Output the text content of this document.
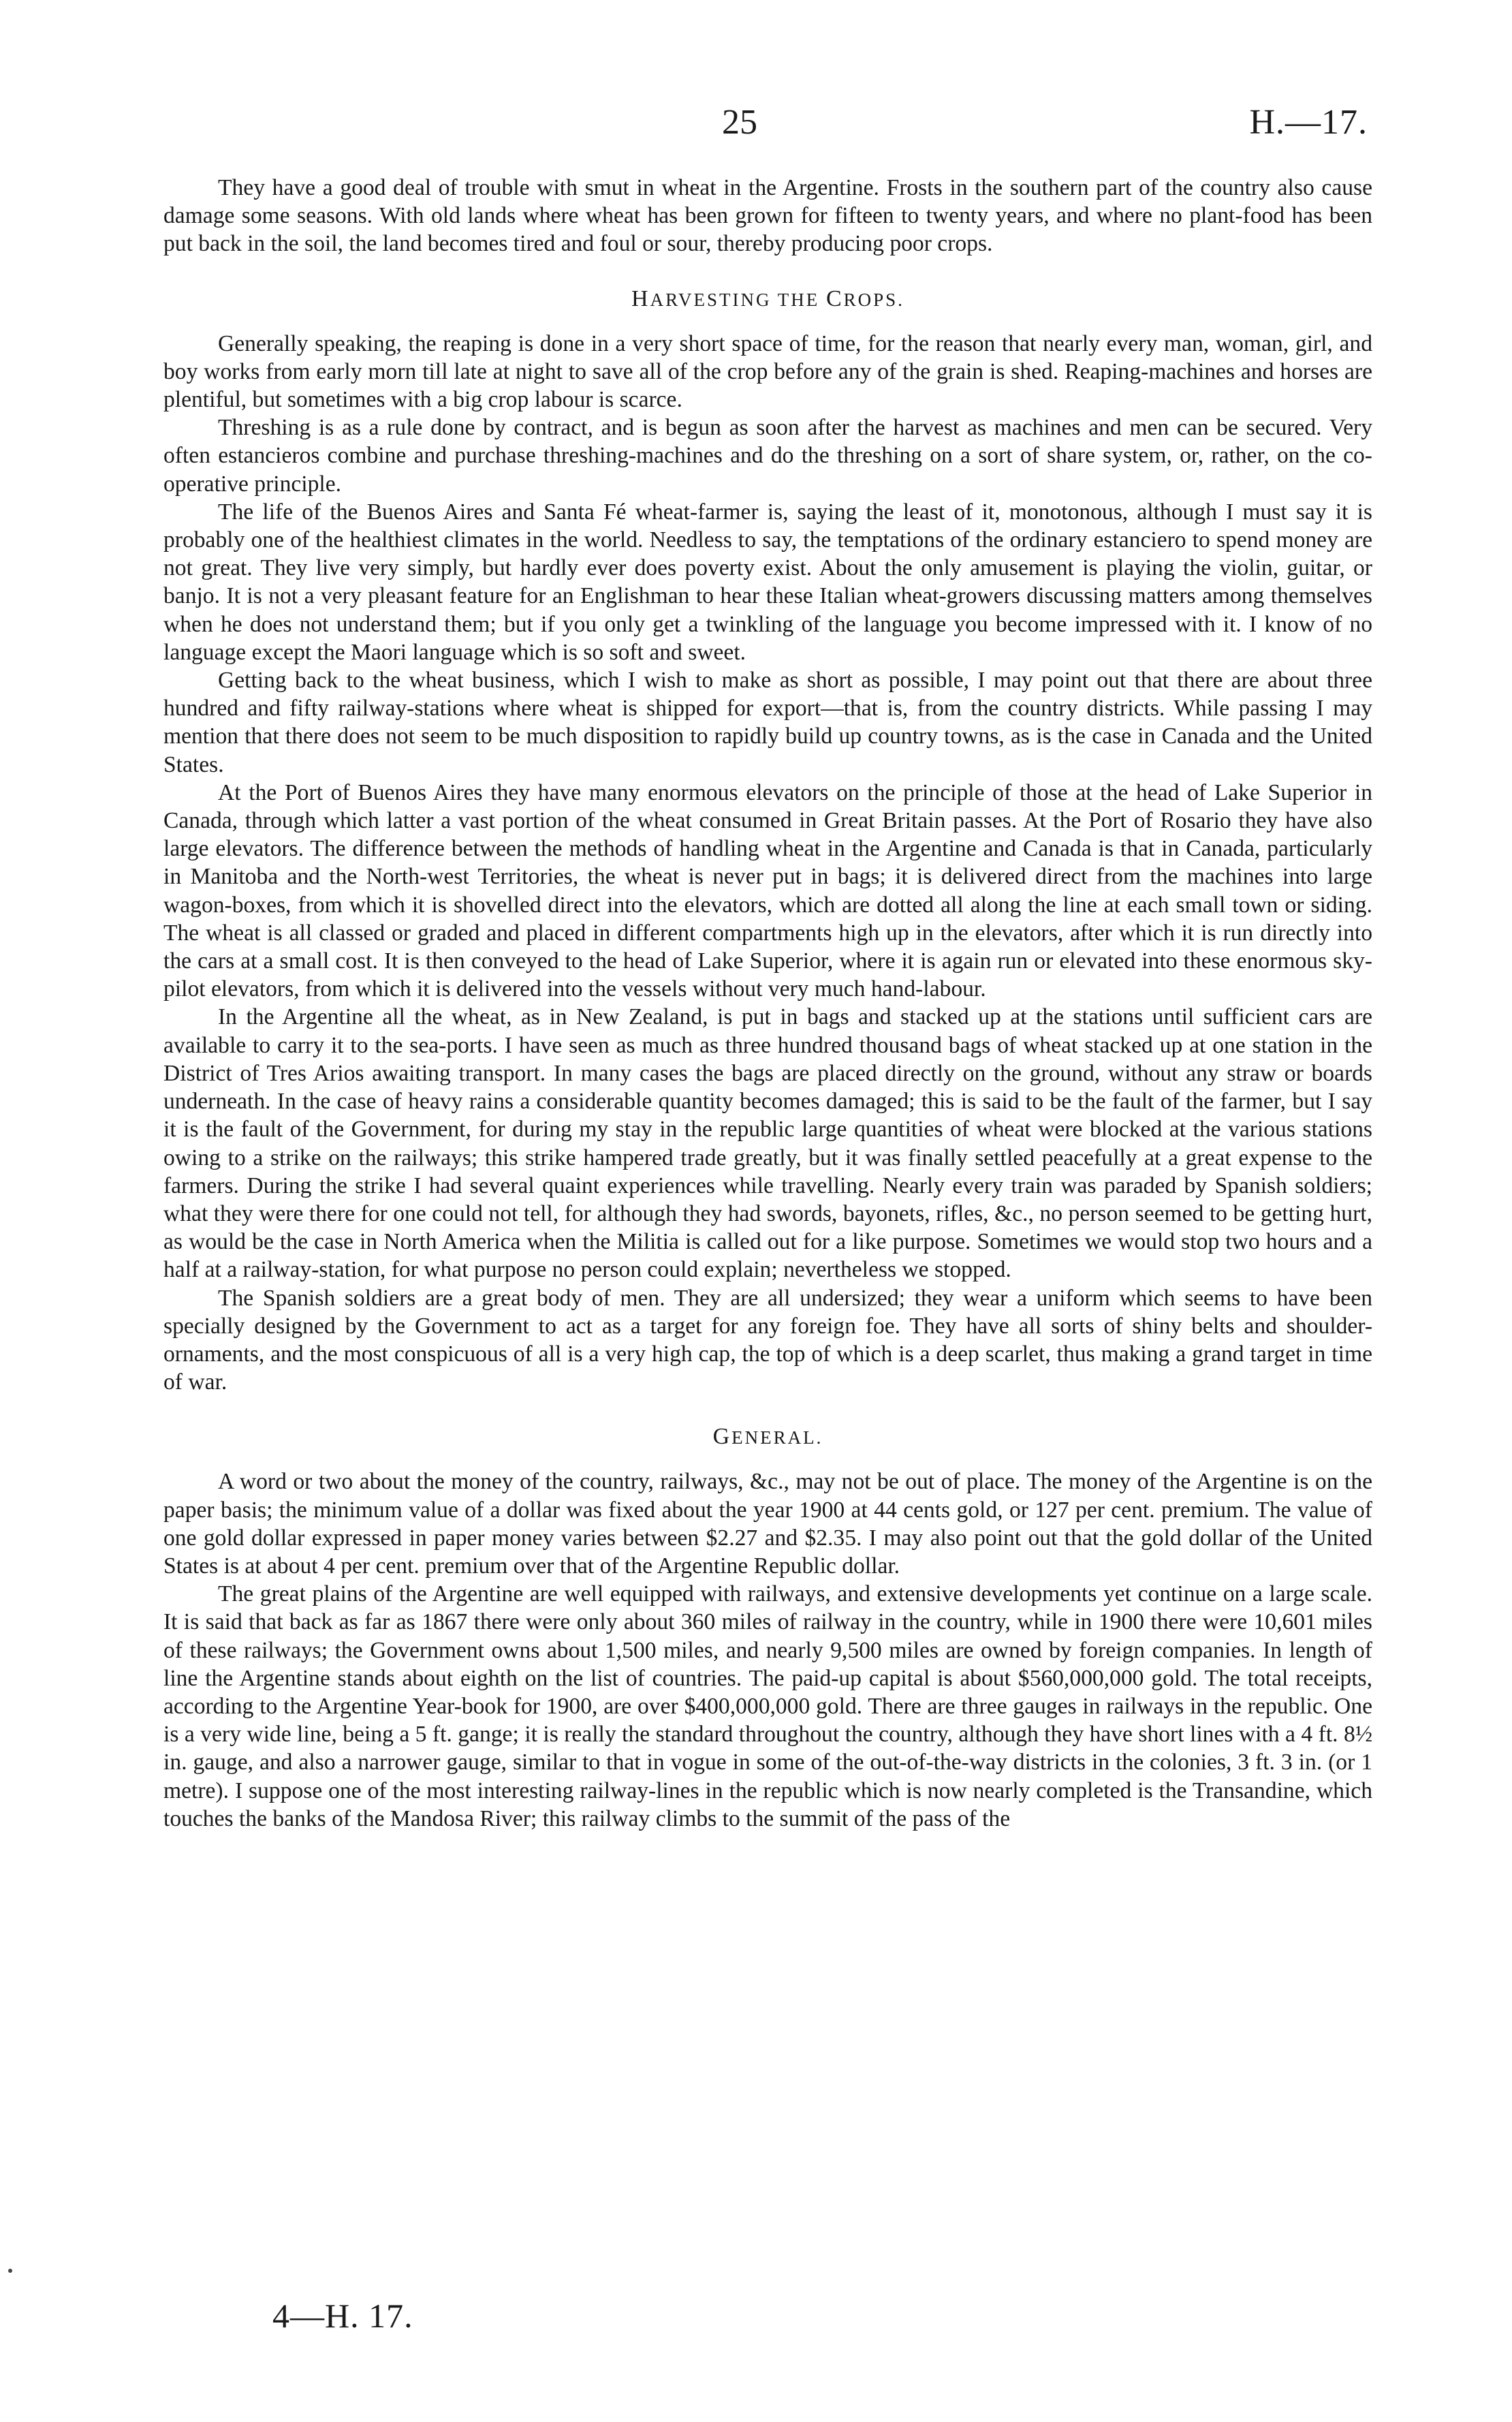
25	H.—17.

They have a good deal of trouble with smut in wheat in the Argentine. Frosts in the southern part of the country also cause damage some seasons. With old lands where wheat has been grown for fifteen to twenty years, and where no plant-food has been put back in the soil, the land becomes tired and foul or sour, thereby producing poor crops.

HARVESTING THE CROPS.

Generally speaking, the reaping is done in a very short space of time, for the reason that nearly every man, woman, girl, and boy works from early morn till late at night to save all of the crop before any of the grain is shed. Reaping-machines and horses are plentiful, but sometimes with a big crop labour is scarce.

Threshing is as a rule done by contract, and is begun as soon after the harvest as machines and men can be secured. Very often estancieros combine and purchase threshing-machines and do the threshing on a sort of share system, or, rather, on the co-operative principle.

The life of the Buenos Aires and Santa Fé wheat-farmer is, saying the least of it, monotonous, although I must say it is probably one of the healthiest climates in the world. Needless to say, the temptations of the ordinary estanciero to spend money are not great. They live very simply, but hardly ever does poverty exist. About the only amusement is playing the violin, guitar, or banjo. It is not a very pleasant feature for an Englishman to hear these Italian wheat-growers discussing matters among themselves when he does not understand them; but if you only get a twinkling of the language you become impressed with it. I know of no language except the Maori language which is so soft and sweet.

Getting back to the wheat business, which I wish to make as short as possible, I may point out that there are about three hundred and fifty railway-stations where wheat is shipped for export—that is, from the country districts. While passing I may mention that there does not seem to be much disposition to rapidly build up country towns, as is the case in Canada and the United States.

At the Port of Buenos Aires they have many enormous elevators on the principle of those at the head of Lake Superior in Canada, through which latter a vast portion of the wheat consumed in Great Britain passes. At the Port of Rosario they have also large elevators. The difference between the methods of handling wheat in the Argentine and Canada is that in Canada, particularly in Manitoba and the North-west Territories, the wheat is never put in bags; it is delivered direct from the machines into large wagon-boxes, from which it is shovelled direct into the elevators, which are dotted all along the line at each small town or siding. The wheat is all classed or graded and placed in different compartments high up in the elevators, after which it is run directly into the cars at a small cost. It is then conveyed to the head of Lake Superior, where it is again run or elevated into these enormous sky-pilot elevators, from which it is delivered into the vessels without very much hand-labour.

In the Argentine all the wheat, as in New Zealand, is put in bags and stacked up at the stations until sufficient cars are available to carry it to the sea-ports. I have seen as much as three hundred thousand bags of wheat stacked up at one station in the District of Tres Arios awaiting transport. In many cases the bags are placed directly on the ground, without any straw or boards underneath. In the case of heavy rains a considerable quantity becomes damaged; this is said to be the fault of the farmer, but I say it is the fault of the Government, for during my stay in the republic large quantities of wheat were blocked at the various stations owing to a strike on the railways; this strike hampered trade greatly, but it was finally settled peacefully at a great expense to the farmers. During the strike I had several quaint experiences while travelling. Nearly every train was paraded by Spanish soldiers; what they were there for one could not tell, for although they had swords, bayonets, rifles, &c., no person seemed to be getting hurt, as would be the case in North America when the Militia is called out for a like purpose. Sometimes we would stop two hours and a half at a railway-station, for what purpose no person could explain; nevertheless we stopped.

The Spanish soldiers are a great body of men. They are all undersized; they wear a uniform which seems to have been specially designed by the Government to act as a target for any foreign foe. They have all sorts of shiny belts and shoulder-ornaments, and the most conspicuous of all is a very high cap, the top of which is a deep scarlet, thus making a grand target in time of war.

GENERAL.

A word or two about the money of the country, railways, &c., may not be out of place. The money of the Argentine is on the paper basis; the minimum value of a dollar was fixed about the year 1900 at 44 cents gold, or 127 per cent. premium. The value of one gold dollar expressed in paper money varies between $2.27 and $2.35. I may also point out that the gold dollar of the United States is at about 4 per cent. premium over that of the Argentine Republic dollar.

The great plains of the Argentine are well equipped with railways, and extensive developments yet continue on a large scale. It is said that back as far as 1867 there were only about 360 miles of railway in the country, while in 1900 there were 10,601 miles of these railways; the Government owns about 1,500 miles, and nearly 9,500 miles are owned by foreign companies. In length of line the Argentine stands about eighth on the list of countries. The paid-up capital is about $560,000,000 gold. The total receipts, according to the Argentine Year-book for 1900, are over $400,000,000 gold. There are three gauges in railways in the republic. One is a very wide line, being a 5 ft. gange; it is really the standard throughout the country, although they have short lines with a 4 ft. 8½ in. gauge, and also a narrower gauge, similar to that in vogue in some of the out-of-the-way districts in the colonies, 3 ft. 3 in. (or 1 metre). I suppose one of the most interesting railway-lines in the republic which is now nearly completed is the Transandine, which touches the banks of the Mandosa River; this railway climbs to the summit of the pass of the

4—H. 17.
